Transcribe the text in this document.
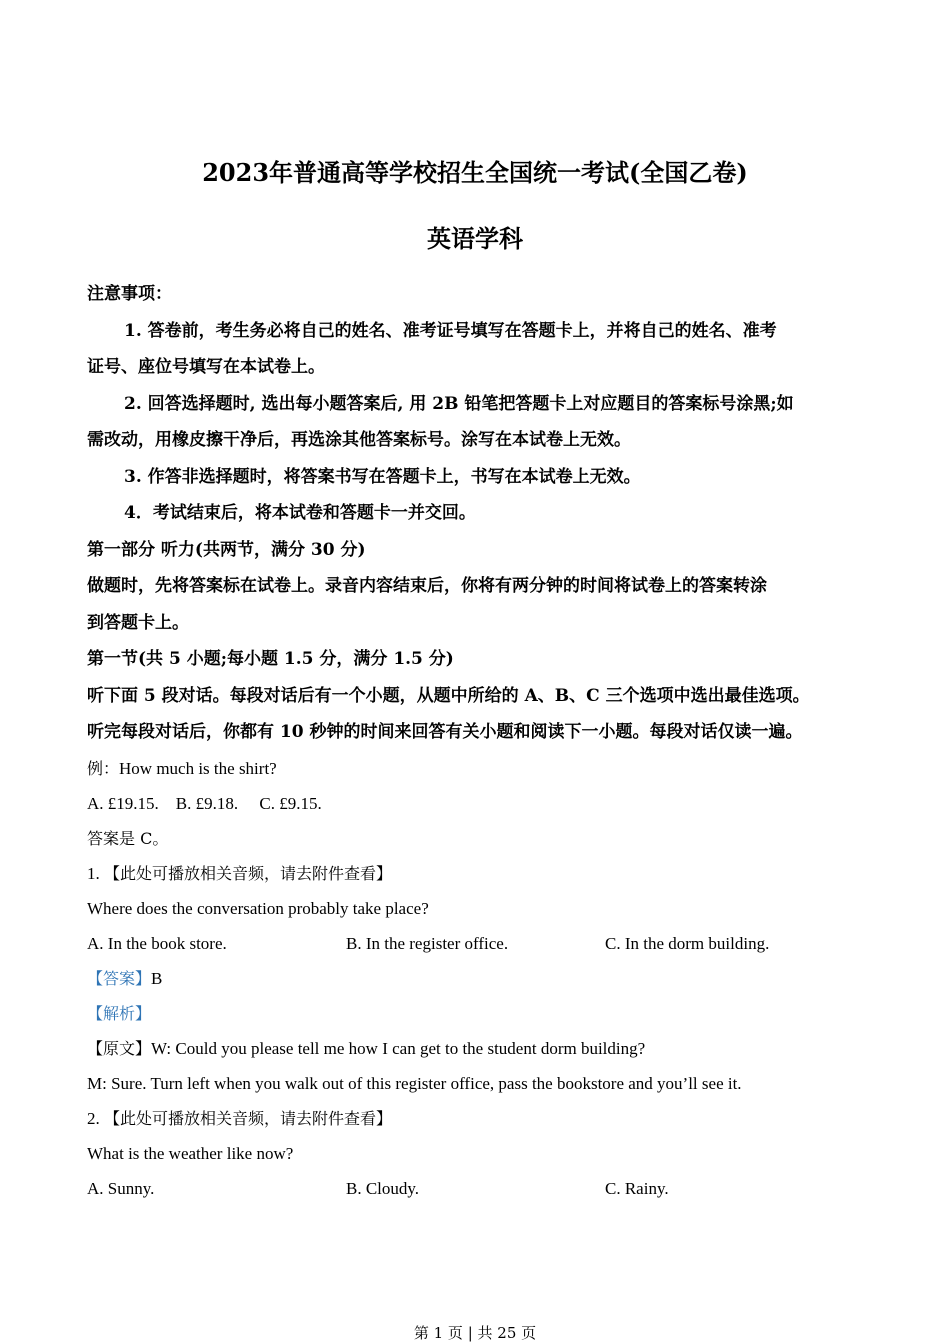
2023年普通高等学校招生全国统一考试(全国乙卷)
英语学科
注意事项：
1. 答卷前，考生务必将自己的姓名、准考证号填写在答题卡上，并将自己的姓名、准考
证号、座位号填写在本试卷上。
2. 回答选择题时, 选出每小题答案后, 用 2B 铅笔把答题卡上对应题目的答案标号涂黑;如
需改动，用橡皮擦干净后，再选涂其他答案标号。涂写在本试卷上无效。
3. 作答非选择题时，将答案书写在答题卡上，书写在本试卷上无效。
4．考试结束后，将本试卷和答题卡一并交回。
第一部分 听力(共两节，满分 30 分)
做题时，先将答案标在试卷上。录音内容结束后，你将有两分钟的时间将试卷上的答案转涂
到答题卡上。
第一节(共 5 小题;每小题 1.5 分，满分 1.5 分)
听下面 5 段对话。每段对话后有一个小题，从题中所给的 A、B、C 三个选项中选出最佳选项。
听完每段对话后，你都有 10 秒钟的时间来回答有关小题和阅读下一小题。每段对话仅读一遍。
例：How much is the shirt?
A. £19.15.    B. £9.18.     C. £9.15.
答案是 C。
1. 【此处可播放相关音频，请去附件查看】
Where does the conversation probably take place?
A. In the book store.	B. In the register office.	C. In the dorm building.
【答案】B
【解析】
【原文】W: Could you please tell me how I can get to the student dorm building?
M: Sure. Turn left when you walk out of this register office, pass the bookstore and you’ll see it.
2. 【此处可播放相关音频，请去附件查看】
What is the weather like now?
A. Sunny.	B. Cloudy.	C. Rainy.
第 1 页 | 共 25 页
